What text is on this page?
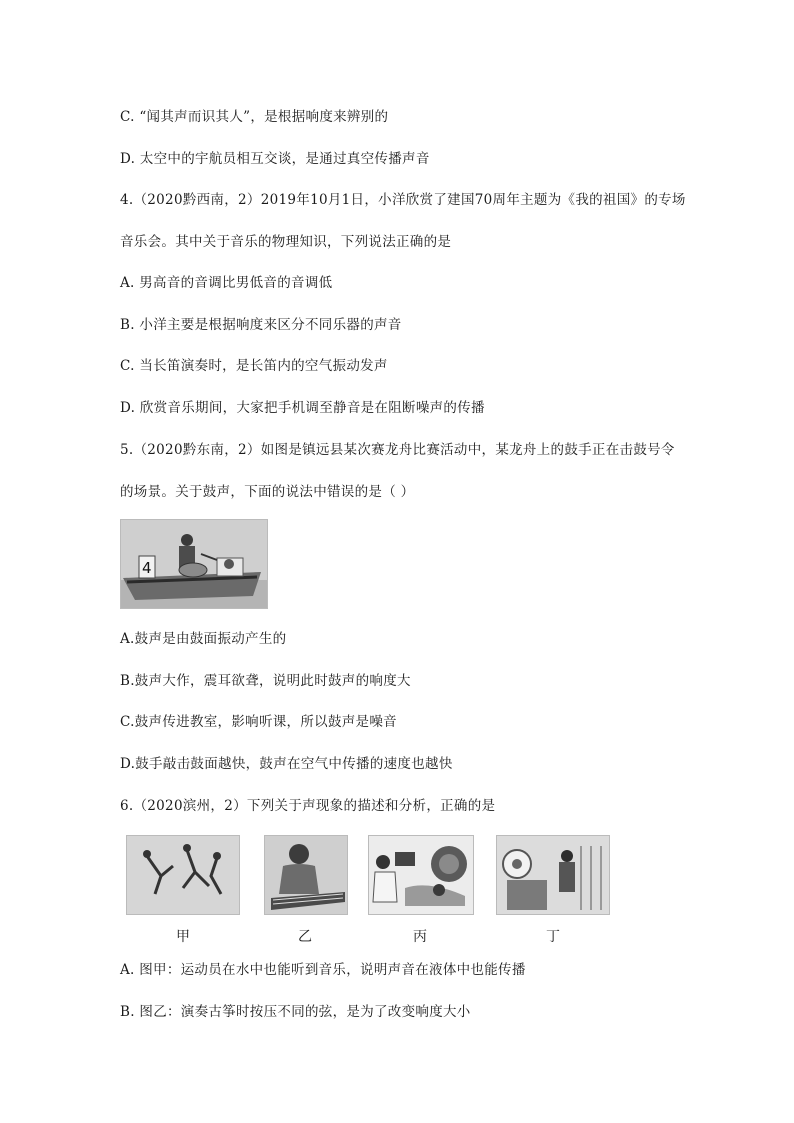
C. “闻其声而识其人”，是根据响度来辨别的
D. 太空中的宇航员相互交谈，是通过真空传播声音
4.（2020黔西南，2）2019年10月1日，小洋欣赏了建国70周年主题为《我的祖国》的专场
音乐会。其中关于音乐的物理知识，下列说法正确的是
A. 男高音的音调比男低音的音调低
B. 小洋主要是根据响度来区分不同乐器的声音
C. 当长笛演奏时，是长笛内的空气振动发声
D. 欣赏音乐期间，大家把手机调至静音是在阻断噪声的传播
5.（2020黔东南，2）如图是镇远县某次赛龙舟比赛活动中，某龙舟上的鼓手正在击鼓号令
的场景。关于鼓声，下面的说法中错误的是（ ）
4
A.鼓声是由鼓面振动产生的
B.鼓声大作，震耳欲聋，说明此时鼓声的响度大
C.鼓声传进教室，影响听课，所以鼓声是噪音
D.鼓手敲击鼓面越快，鼓声在空气中传播的速度也越快
6.（2020滨州，2）下列关于声现象的描述和分析，正确的是
甲	乙	丙	丁
A. 图甲：运动员在水中也能听到音乐，说明声音在液体中也能传播
B. 图乙：演奏古筝时按压不同的弦，是为了改变响度大小
